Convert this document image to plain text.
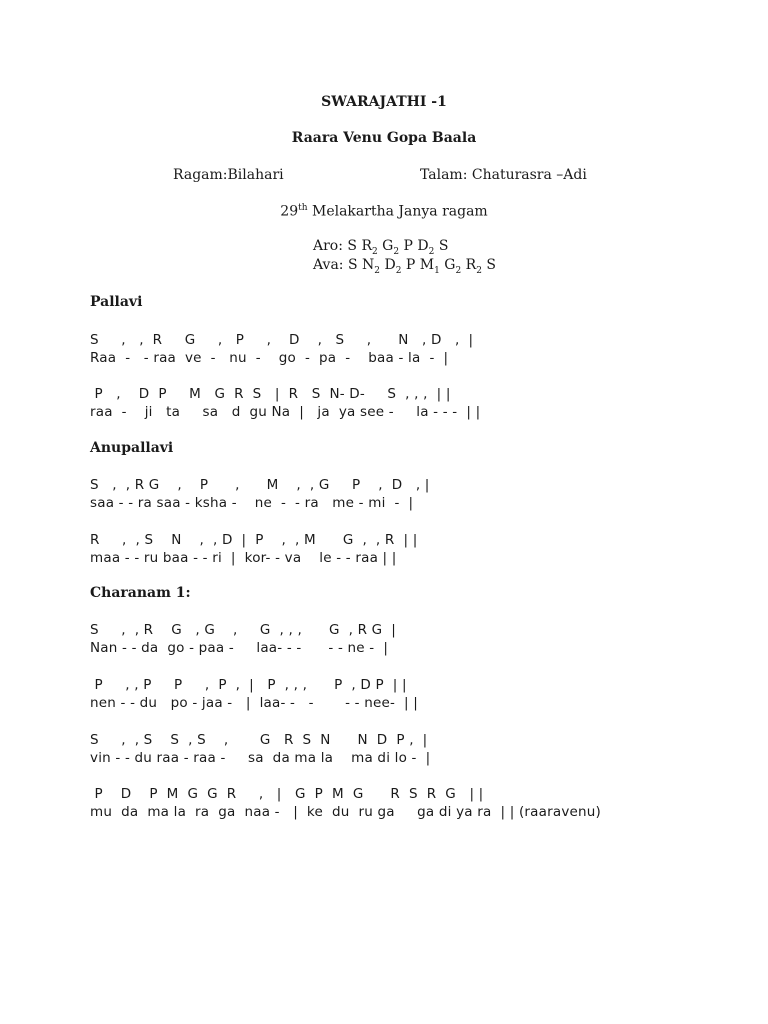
SWARAJATHI -1
Raara Venu Gopa Baala
Ragam:Bilahari	Talam: Chaturasra –Adi
29th Melakartha Janya ragam
Aro: S $R_2$ $G_2$ P $D_2$ S
Ava: S $N_2$ $D_2$ P $M_1$ $G_2$ $R_2$ S
Pallavi
S     ,   ,  R     G     ,   P     ,    D    ,   S     ,      N   , D   ,  |
Raa  -   - raa  ve  -   nu  -    go  -  pa  -    baa - la  -  |
P   ,    D  P     M   G  R  S   |  R   S  N- D-     S  , , ,  | |
raa  -    ji   ta     sa   d  gu Na  |   ja  ya see -     la - - -  | |
Anupallavi
S   ,  , R G    ,    P      ,      M    ,  , G     P    ,  D   , |
saa - - ra saa - ksha -    ne  -  - ra   me - mi  -  |
R     ,  , S    N    ,  , D  |  P    ,  , M      G  ,  , R  | |
maa - - ru baa - - ri  |  kor- - va    le - - raa | |
Charanam 1:
S     ,  , R    G   , G    ,     G  , , ,      G  , R G  |
Nan - - da  go - paa -     laa- - -      - - ne -  |
P     , , P     P     ,  P  ,  |   P  , , ,      P  , D P  | |
nen - - du   po - jaa -   |  laa- -   -       - - nee-  | |
S     ,  , S    S  , S    ,       G   R  S  N      N  D  P ,  |
vin - - du raa - raa -     sa  da ma la    ma di lo -  |
P    D    P  M  G  G  R     ,   |   G  P  M  G      R  S  R  G   | |
mu  da  ma la  ra  ga  naa -   |  ke  du  ru ga     ga di ya ra  | | (raaravenu)
